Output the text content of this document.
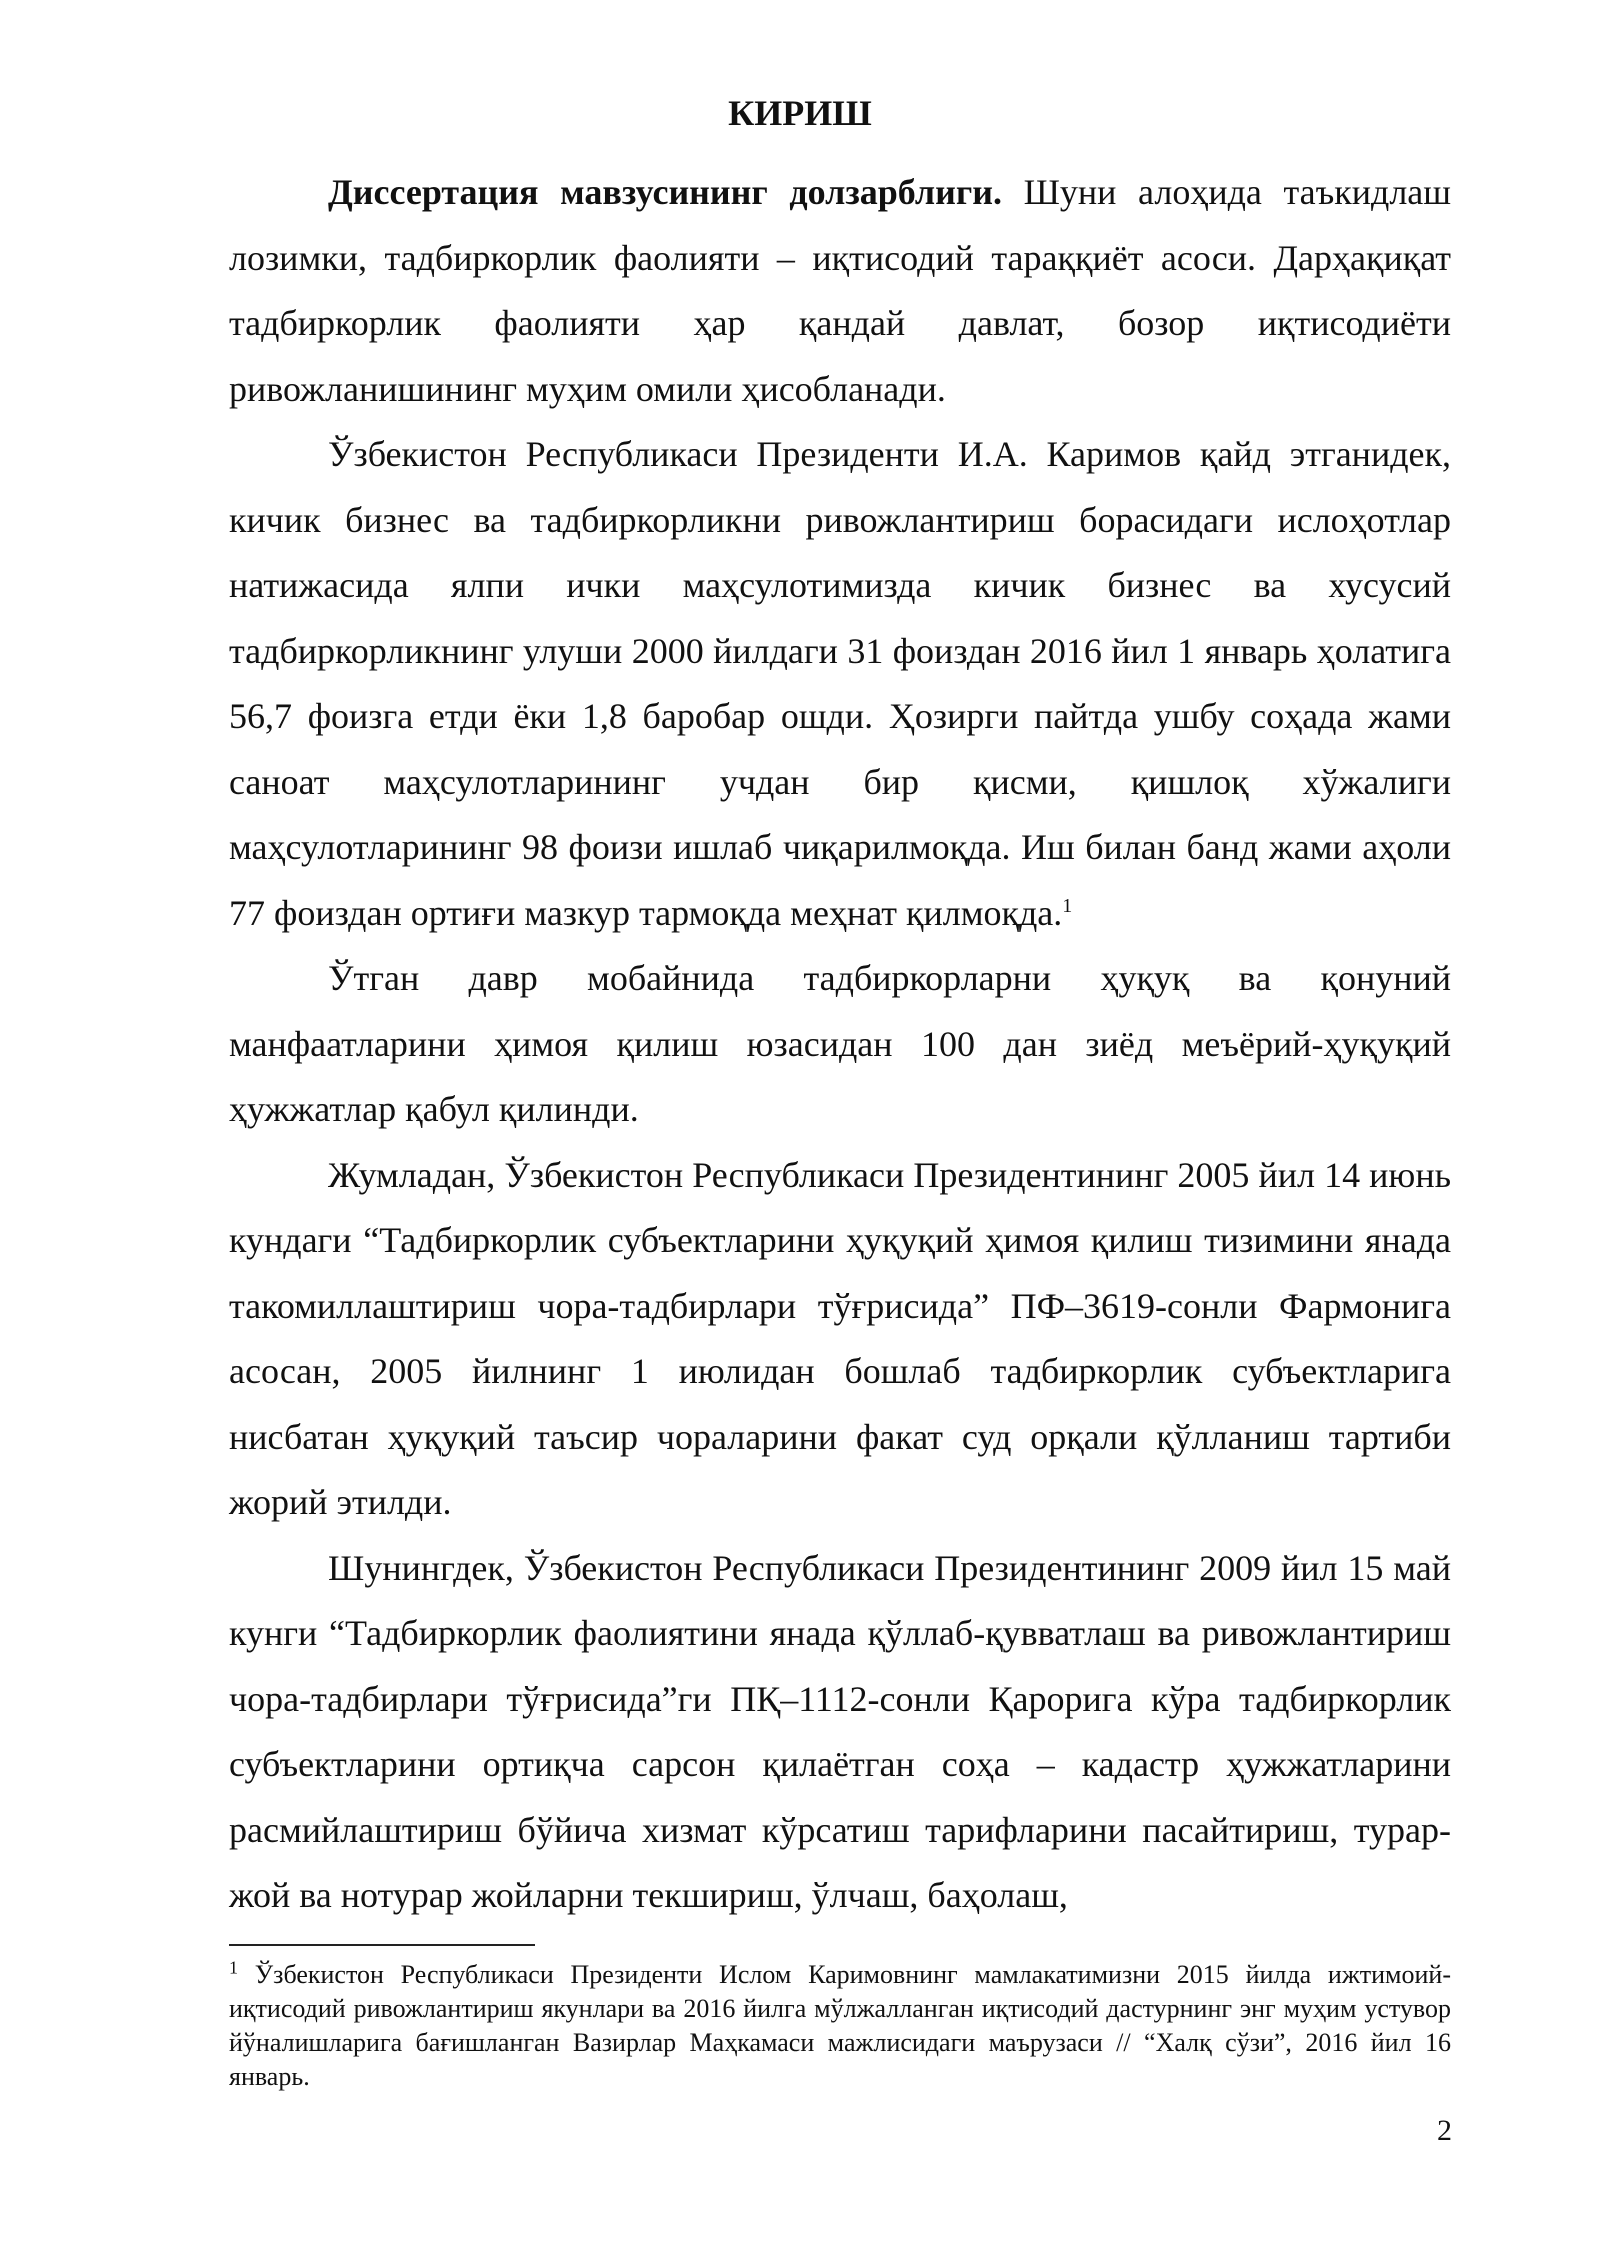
КИРИШ

Диссертация мавзусининг долзарблиги. Шуни алоҳида таъкидлаш лозимки, тадбиркорлик фаолияти – иқтисодий тараққиёт асоси. Дарҳақиқат тадбиркорлик фаолияти ҳар қандай давлат, бозор иқтисодиёти ривожланишининг муҳим омили ҳисобланади.

Ўзбекистон Республикаси Президенти И.А. Каримов қайд этганидек, кичик бизнес ва тадбиркорликни ривожлантириш борасидаги ислоҳотлар натижасида ялпи ички маҳсулотимизда кичик бизнес ва хусусий тадбиркорликнинг улуши 2000 йилдаги 31 фоиздан 2016 йил 1 январь ҳолатига 56,7 фоизга етди ёки 1,8 баробар ошди. Ҳозирги пайтда ушбу соҳада жами саноат маҳсулотларининг учдан бир қисми, қишлоқ хўжалиги маҳсулотларининг 98 фоизи ишлаб чиқарилмоқда. Иш билан банд жами аҳоли 77 фоиздан ортиғи мазкур тармоқда меҳнат қилмоқда.$^1$

Ўтган давр мобайнида тадбиркорларни ҳуқуқ ва қонуний манфаатларини ҳимоя қилиш юзасидан 100 дан зиёд меъёрий-ҳуқуқий ҳужжатлар қабул қилинди.

Жумладан, Ўзбекистон Республикаси Президентининг 2005 йил 14 июнь кундаги “Тадбиркорлик субъектларини ҳуқуқий ҳимоя қилиш тизимини янада такомиллаштириш чора-тадбирлари тўғрисида” ПФ–3619-сонли Фармонига асосан, 2005 йилнинг 1 июлидан бошлаб тадбиркорлик субъектларига нисбатан ҳуқуқий таъсир чораларини факат суд орқали қўлланиш тартиби жорий этилди.

Шунингдек, Ўзбекистон Республикаси Президентининг 2009 йил 15 май кунги “Тадбиркорлик фаолиятини янада қўллаб-қувватлаш ва ривожлантириш чора-тадбирлари тўғрисида”ги ПҚ–1112-сонли Қарорига кўра тадбиркорлик субъектларини ортиқча сарсон қилаётган соҳа – кадастр ҳужжатларини расмийлаштириш бўйича хизмат кўрсатиш тарифларини пасайтириш, турар-жой ва нотурар жойларни текшириш, ўлчаш, баҳолаш,

$^1$ Ўзбекистон Республикаси Президенти Ислом Каримовнинг мамлакатимизни 2015 йилда ижтимоий-иқтисодий ривожлантириш якунлари ва 2016 йилга мўлжалланган иқтисодий дастурнинг энг муҳим устувор йўналишларига бағишланган Вазирлар Маҳкамаси мажлисидаги маърузаси // “Халқ сўзи”, 2016 йил 16 январь.
2
